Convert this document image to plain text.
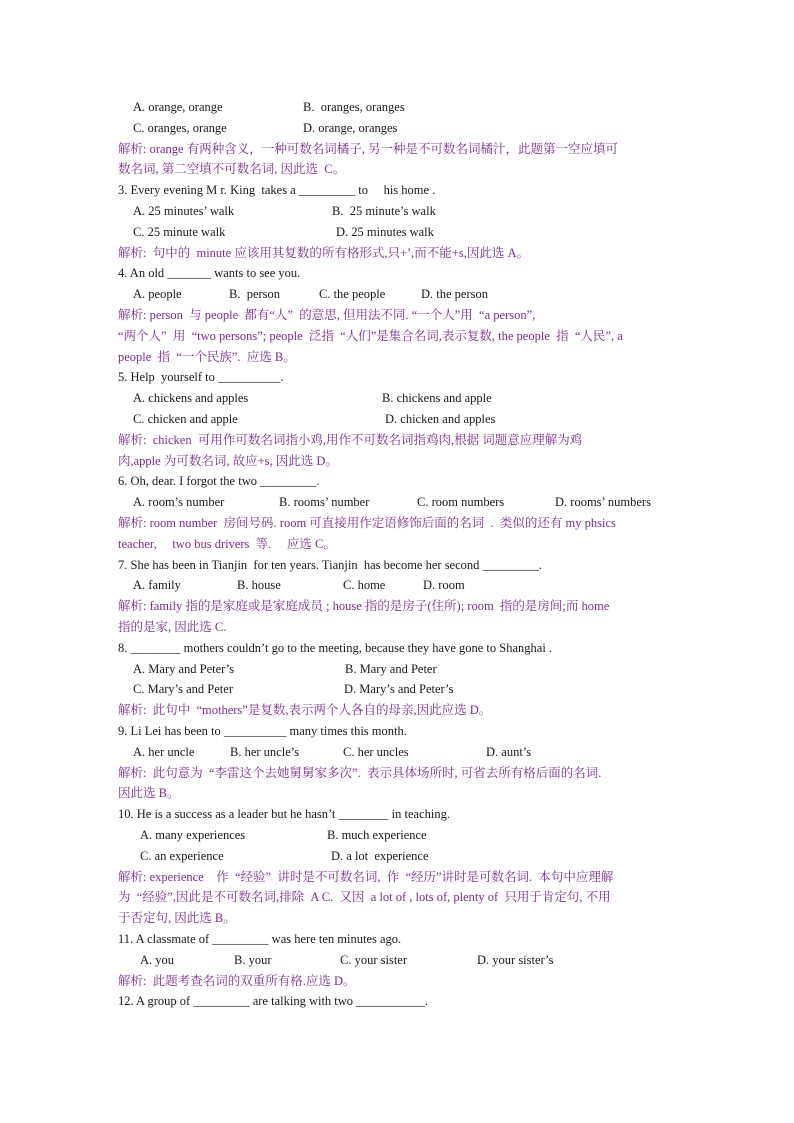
A. orange, orange	B.  oranges, oranges
C. oranges, orange	D. orange, oranges
解析: orange 有两种含义，一种可数名词橘子, 另一种是不可数名词橘汁，此题第一空应填可
数名词, 第二空填不可数名词, 因此选  C。
3. Every evening M r. King  takes a _________ to     his home .
A. 25 minutes’ walk	B.  25 minute’s walk
C. 25 minute walk	D. 25 minutes walk
解析:  句中的  minute 应该用其复数的所有格形式,只+’,而不能+s,因此选 A。
4. An old _______ wants to see you.
A. people	B.  person	C. the people	D. the person
解析: person  与 people  都有“人”  的意思, 但用法不同. “一个人”用  “a person”,
“两个人”  用  “two persons”; people  泛指  “人们”是集合名词,表示复数, the people  指  “人民”, a
people  指  “一个民族”.  应选 B。
5. Help  yourself to __________.
A. chickens and apples	B. chickens and apple
C. chicken and apple	D. chicken and apples
解析:  chicken  可用作可数名词指小鸡,用作不可数名词指鸡肉,根据 词题意应理解为鸡
肉,apple 为可数名词, 故应+s, 因此选 D。
6. Oh, dear. I forgot the two _________.
A. room’s number	B. rooms’ number	C. room numbers	D. rooms’ numbers
解析: room number  房间号码. room 可直接用作定语修饰后面的名词  .  类似的还有 my phsics
teacher,     two bus drivers  等.     应选 C。
7. She has been in Tianjin  for ten years. Tianjin  has become her second _________.
A. family	B. house	C. home	D. room
解析: family 指的是家庭或是家庭成员 ; house 指的是房子(住所); room  指的是房间;而 home
指的是家, 因此选 C.
8. ________ mothers couldn’t go to the meeting, because they have gone to Shanghai .
A. Mary and Peter’s	B. Mary and Peter
C. Mary’s and Peter	D. Mary’s and Peter’s
解析:  此句中  “mothers”是复数,表示两个人各自的母亲,因此应选 D。
9. Li Lei has been to __________ many times this month.
A. her uncle	B. her uncle’s	C. her uncles	D. aunt’s
解析:  此句意为  “李雷这个去她舅舅家多次”.  表示具体场所时, 可省去所有格后面的名词.
因此选 B。
10. He is a success as a leader but he hasn’t ________ in teaching.
A. many experiences	B. much experience
C. an experience	D. a lot  experience
解析: experience    作  “经验”  讲时是不可数名词,  作  “经历”讲时是可数名词.  本句中应理解
为  “经验”,因此是不可数名词,排除  A C.  又因  a lot of , lots of, plenty of  只用于肯定句, 不用
于否定句, 因此选 B。
11. A classmate of _________ was here ten minutes ago.
A. you	B. your	C. your sister	D. your sister’s
解析:  此题考查名词的双重所有格.应选 D。
12. A group of _________ are talking with two ___________.
